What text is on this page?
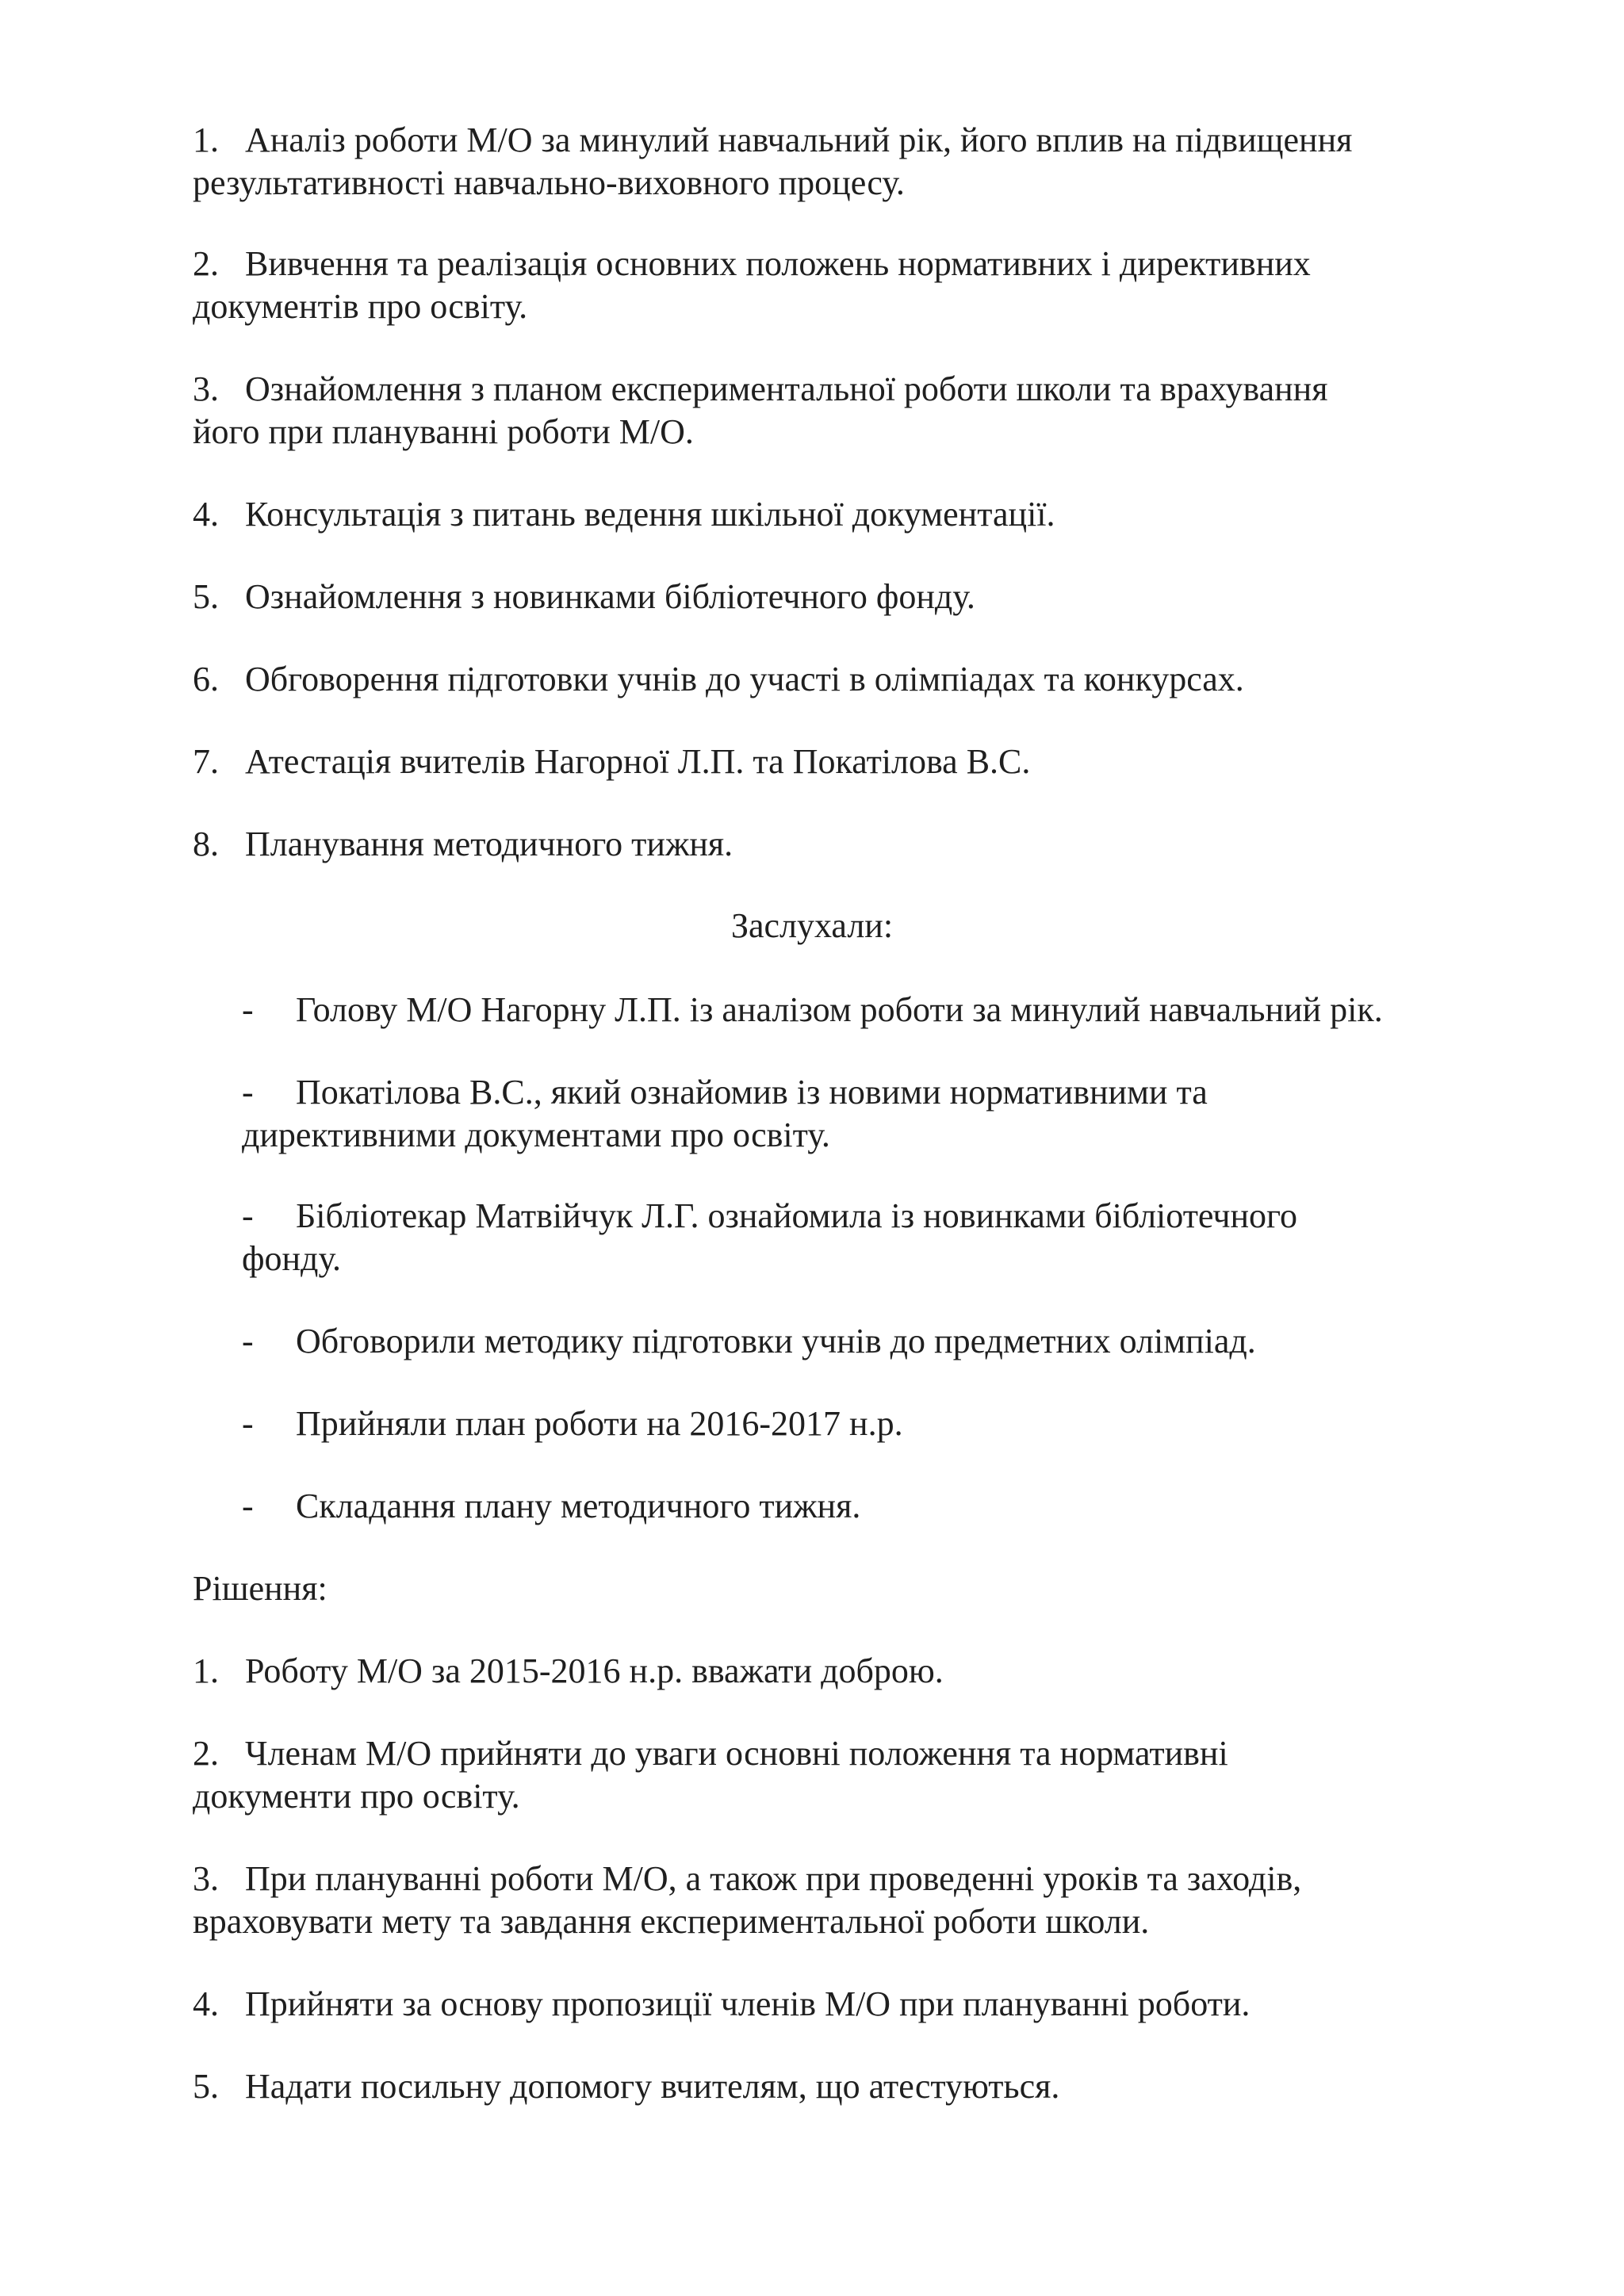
1. Аналіз роботи М/О за минулий навчальний рік, його вплив на підвищення

результативності навчально-виховного процесу.

2. Вивчення та реалізація основних положень нормативних і директивних

документів про освіту.

3. Ознайомлення з планом експериментальної роботи школи та врахування

його при плануванні роботи М/О.

4. Консультація з питань ведення шкільної документації.

5. Ознайомлення з новинками бібліотечного фонду.

6. Обговорення підготовки учнів до участі в олімпіадах та конкурсах.

7. Атестація вчителів Нагорної Л.П. та Покатілова В.С.

8. Планування методичного тижня.

Заслухали:

- Голову М/О Нагорну Л.П. із аналізом роботи за минулий навчальний рік.

- Покатілова В.С., який ознайомив із новими нормативними та

директивними документами про освіту.

- Бібліотекар Матвійчук Л.Г. ознайомила із новинками бібліотечного

фонду.

- Обговорили методику підготовки учнів до предметних олімпіад.

- Прийняли план роботи на 2016-2017 н.р.

- Складання плану методичного тижня.

Рішення:

1. Роботу М/О за 2015-2016 н.р. вважати доброю.

2. Членам М/О прийняти до уваги основні положення та нормативні

документи про освіту.

3. При плануванні роботи М/О, а також при проведенні уроків та заходів,

враховувати мету та завдання експериментальної роботи школи.

4. Прийняти за основу пропозиції членів М/О при плануванні роботи.

5. Надати посильну допомогу вчителям, що атестуються.
